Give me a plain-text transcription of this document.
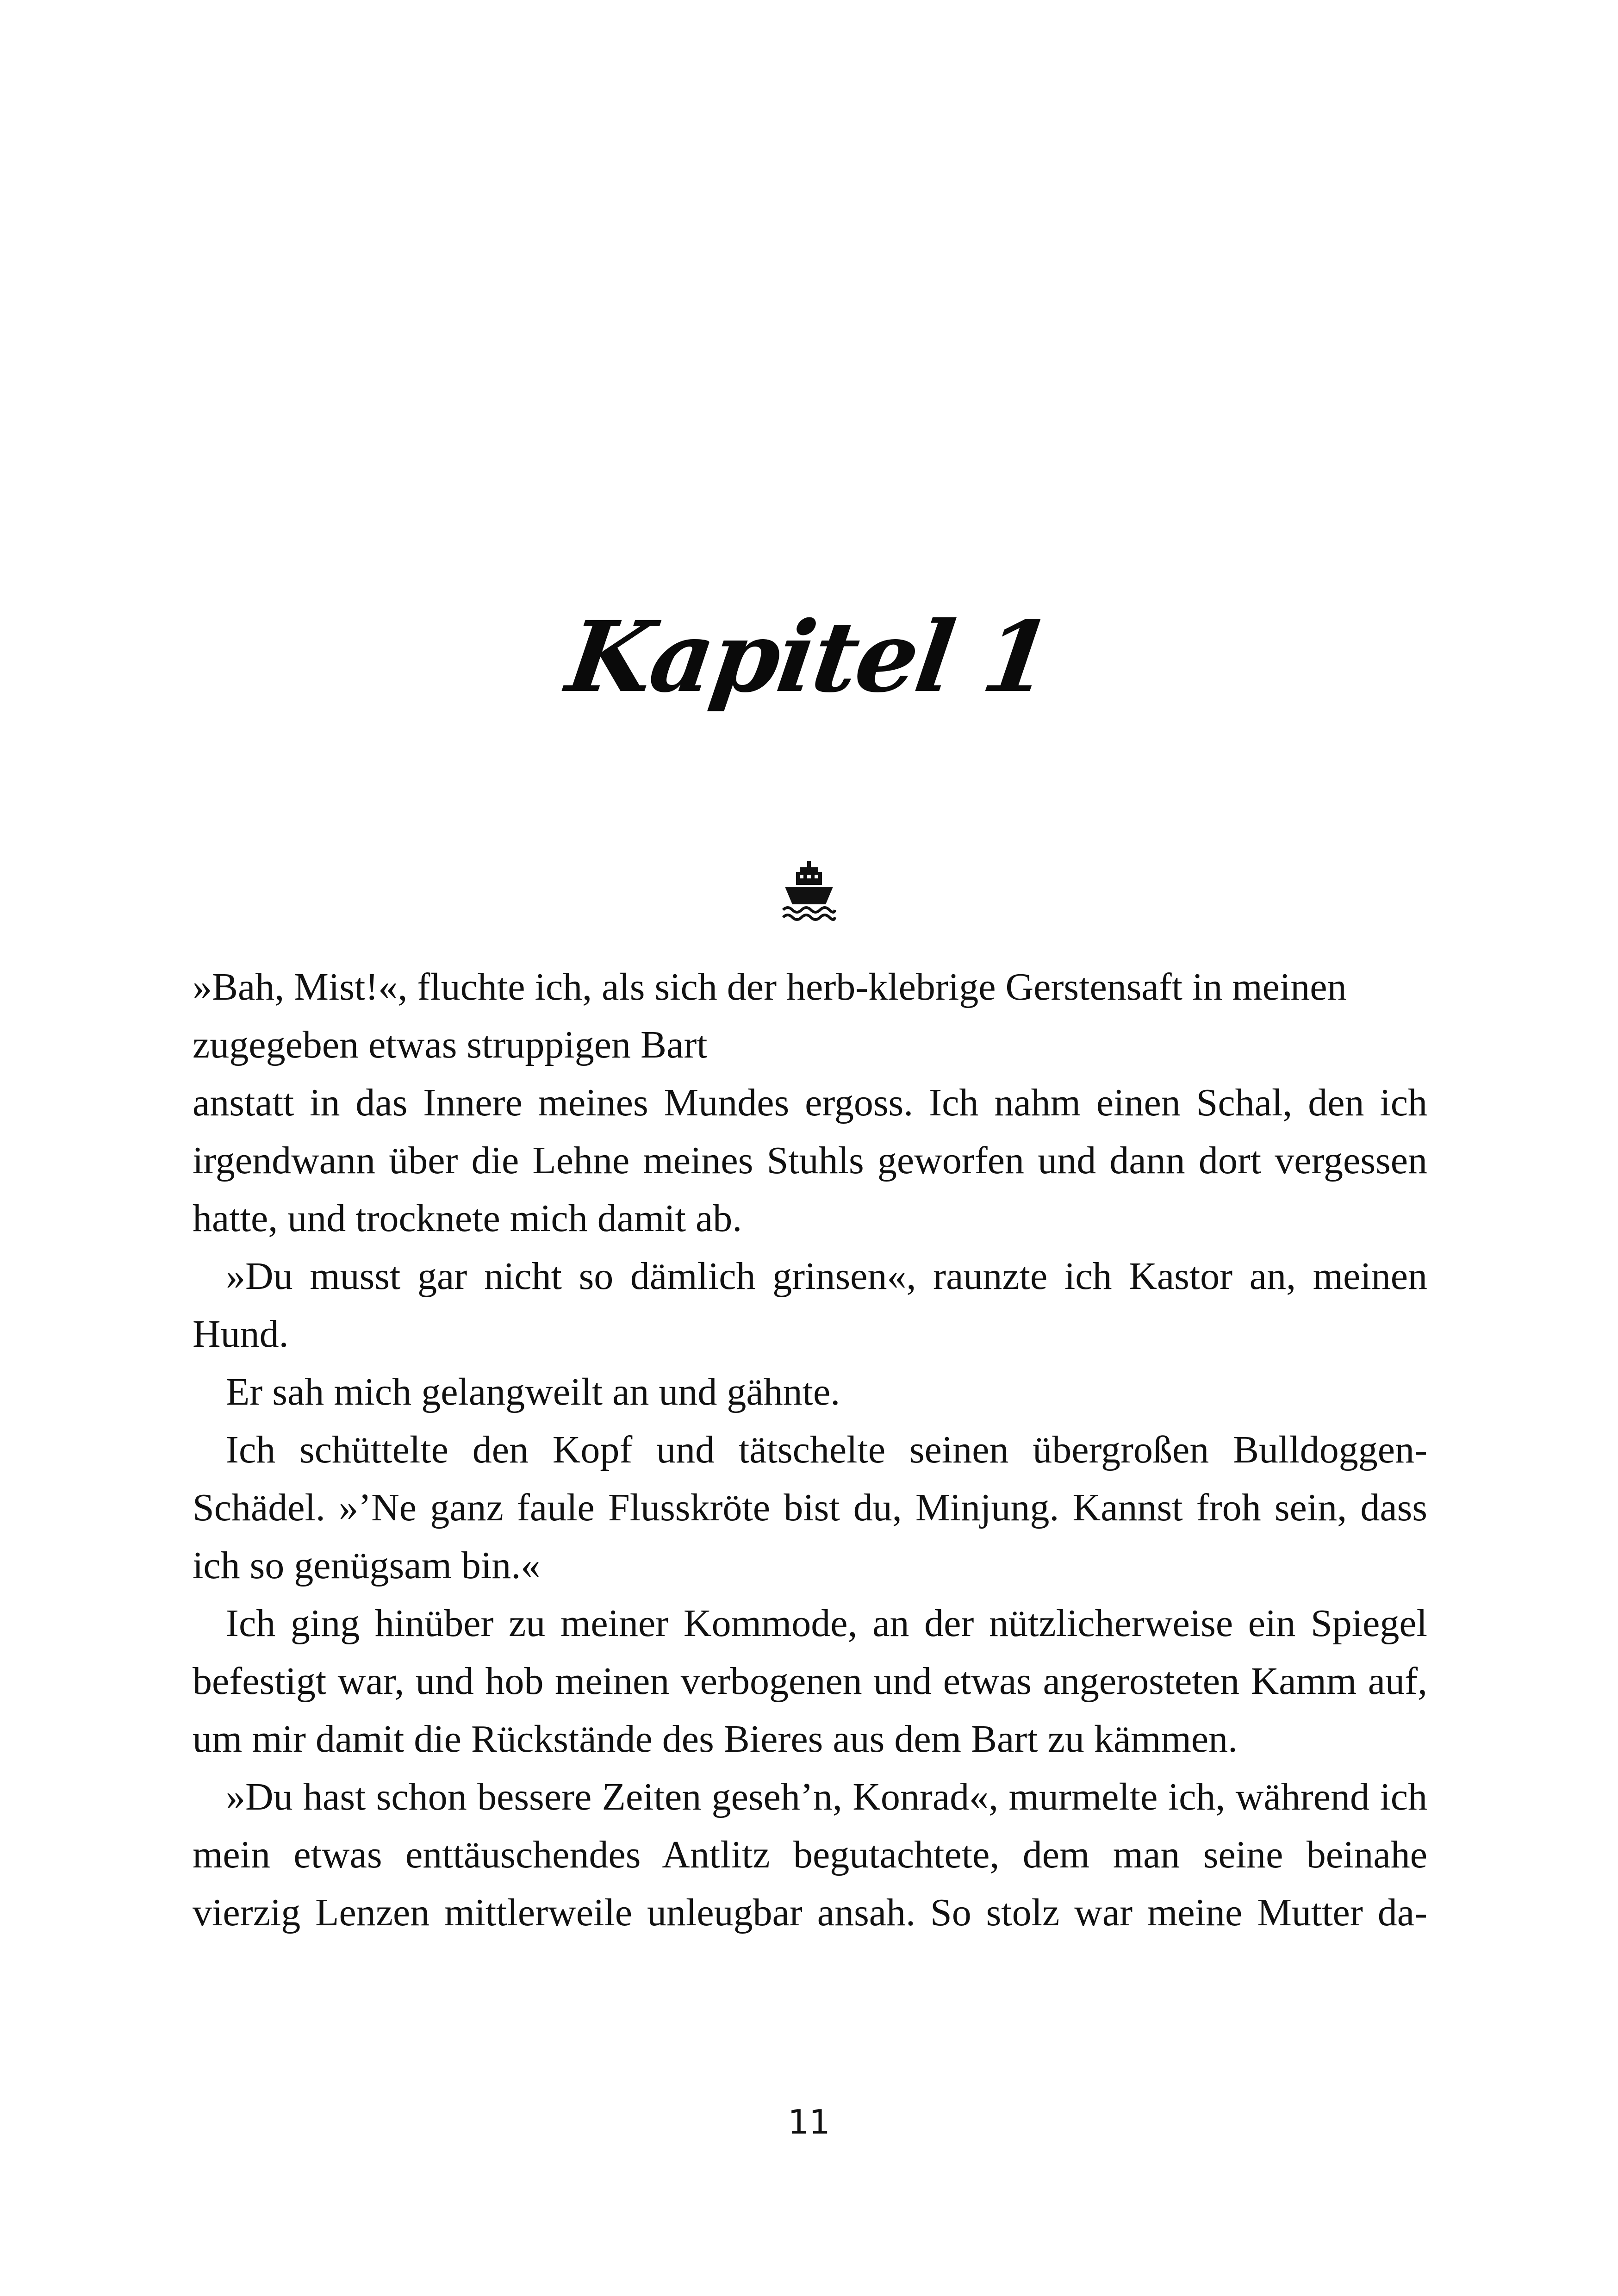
Kapitel 1

»Bah, Mist!«, fluchte ich, als sich der herb-klebrige Gerstensaft in meinen zugegeben etwas struppigen Bart

anstatt in das Innere meines Mundes ergoss. Ich nahm einen Schal, den ich irgendwann über die Lehne meines Stuhls geworfen und dann dort vergessen hatte, und trocknete mich damit ab.

»Du musst gar nicht so dämlich grinsen«, raunzte ich Kastor an, meinen Hund.

Er sah mich gelangweilt an und gähnte.

Ich schüttelte den Kopf und tätschelte seinen übergroßen BulldoggenSchädel. »’Ne ganz faule Flusskröte bist du, Minjung. Kannst froh sein, dass ich so genügsam bin.«

Ich ging hinüber zu meiner Kommode, an der nützlicherweise ein Spiegel befestigt war, und hob meinen verbogenen und etwas angerosteten Kamm auf, um mir damit die Rückstände des Bieres aus dem Bart zu kämmen.

»Du hast schon bessere Zeiten geseh’n, Konrad«, murmelte ich, während ich mein etwas enttäuschendes Antlitz begutachtete, dem man seine beinahe vierzig Lenzen mittlerweile unleugbar ansah. So stolz war meine Mutter da-

11
